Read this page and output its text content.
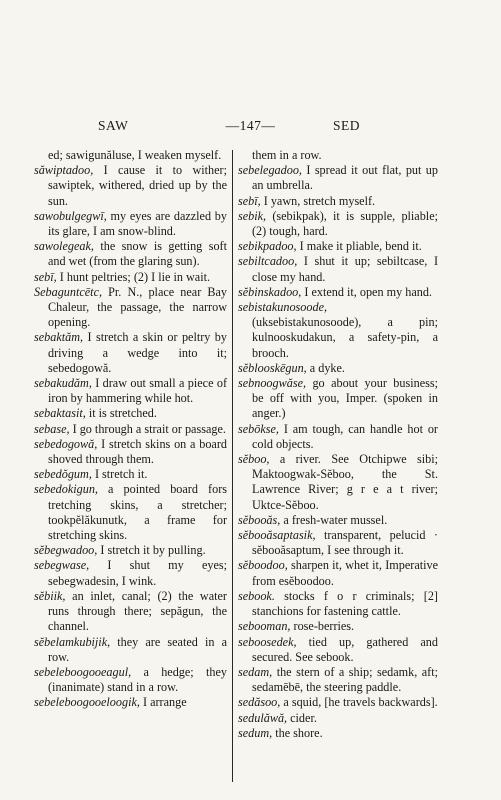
SAW	—147—	SED

ed; sawigunăluse, I weaken myself.

săwiptadoo, I cause it to wither; sawiptek, withered, dried up by the sun.

sawobulgegwī, my eyes are dazzled by its glare, I am snow-blind.

sawolegeak, the snow is getting soft and wet (from the glaring sun).

sebī, I hunt peltries; (2) I lie in wait.

Sebaguntcētc, Pr. N., place near Bay Chaleur, the passage, the narrow opening.

sebaktăm, I stretch a skin or peltry by driving a wedge into it; sebedogowă.

sebakudăm, I draw out small a piece of iron by hammering while hot.

sebaktasit, it is stretched.

sebase, I go through a strait or passage.

sebedogowă, I stretch skins on a board shoved through them.

sebedŏgum, I stretch it.

sebedokigun, a pointed board fors tretching skins, a stretcher; tookpĕlăkunutk, a frame for stretching skins.

sĕbegwadoo, I stretch it by pulling.

sebegwase, I shut my eyes; sebegwadesin, I wink.

sĕbiik, an inlet, canal; (2) the water runs through there; sepăgun, the channel.

sĕbelamkubijik, they are seated in a row.

sebeleboogooeagul, a hedge; they (inanimate) stand in a row.

sebeleboogooeloogik, I arrange

them in a row.

sebelegadoo, I spread it out flat, put up an umbrella.

sebī, I yawn, stretch myself.

sebik, (sebikpak), it is supple, pliable; (2) tough, hard.

sebikpadoo, I make it pliable, bend it.

sebiltcadoo, I shut it up; sebiltcase, I close my hand.

sĕbinskadoo, I extend it, open my hand.

sebistakunosoode, (uksebistakunosoode), a pin; kulnooskudakun, a safety-pin, a brooch.

sĕblooskēgun, a dyke.

sebnoogwăse, go about your business; be off with you, Imper. (spoken in anger.)

sebōkse, I am tough, can handle hot or cold objects.

sĕboo, a river. See Otchipwe sibi; Maktoogwak-Sĕboo, the St. Lawrence River; g r e a t river; Uktce-Sĕboo.

sĕbooăs, a fresh-water mussel.

sĕbooăsaptasik, transparent, pelucid · sĕbooăsaptum, I see through it.

sĕboodoo, sharpen it, whet it, Imperative from esĕboodoo.

sebook. stocks f o r criminals; [2] stanchions for fastening cattle.

sebooman, rose-berries.

seboosedek, tied up, gathered and secured. See sebook.

sedam, the stern of a ship; sedamk, aft; sedamēbē, the steering paddle.

sedăsoo, a squid, [he travels backwards].

sedulăwă, cider.

sedum, the shore.
